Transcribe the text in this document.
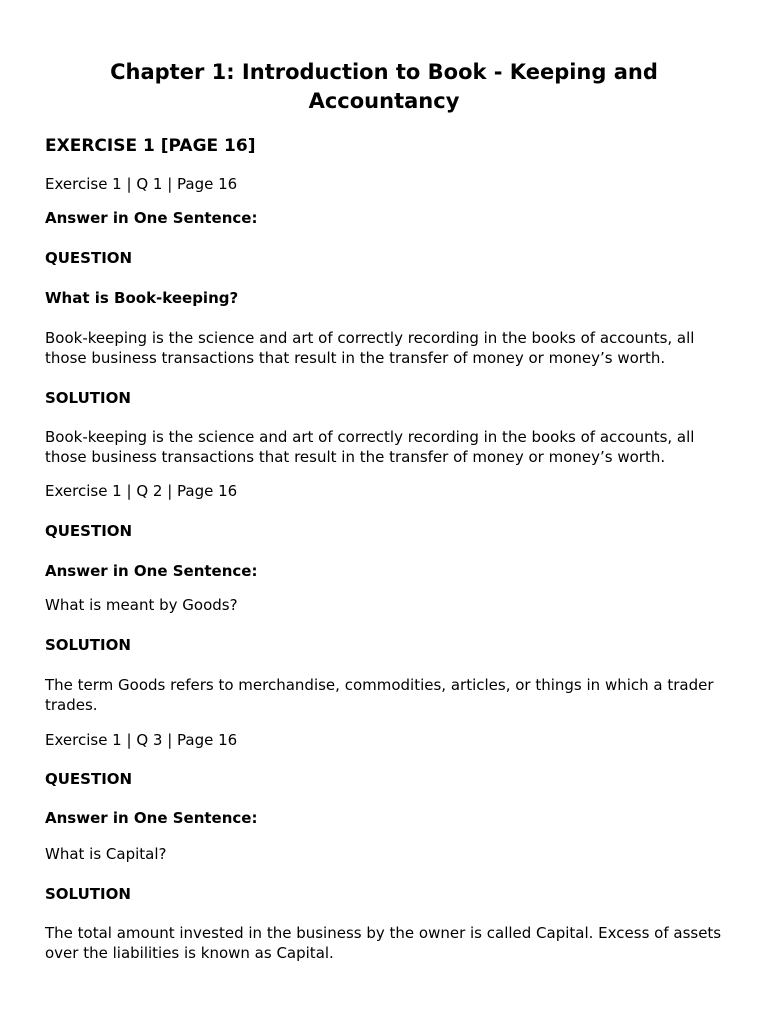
Chapter 1: Introduction to Book - Keeping and
Accountancy
EXERCISE 1 [PAGE 16]
Exercise 1 | Q 1 | Page 16
Answer in One Sentence:
QUESTION
What is Book-keeping?
Book-keeping is the science and art of correctly recording in the books of accounts, all
those business transactions that result in the transfer of money or money’s worth.
SOLUTION
Book-keeping is the science and art of correctly recording in the books of accounts, all
those business transactions that result in the transfer of money or money’s worth.
Exercise 1 | Q 2 | Page 16
QUESTION
Answer in One Sentence:
What is meant by Goods?
SOLUTION
The term Goods refers to merchandise, commodities, articles, or things in which a trader
trades.
Exercise 1 | Q 3 | Page 16
QUESTION
Answer in One Sentence:
What is Capital?
SOLUTION
The total amount invested in the business by the owner is called Capital. Excess of assets
over the liabilities is known as Capital.
